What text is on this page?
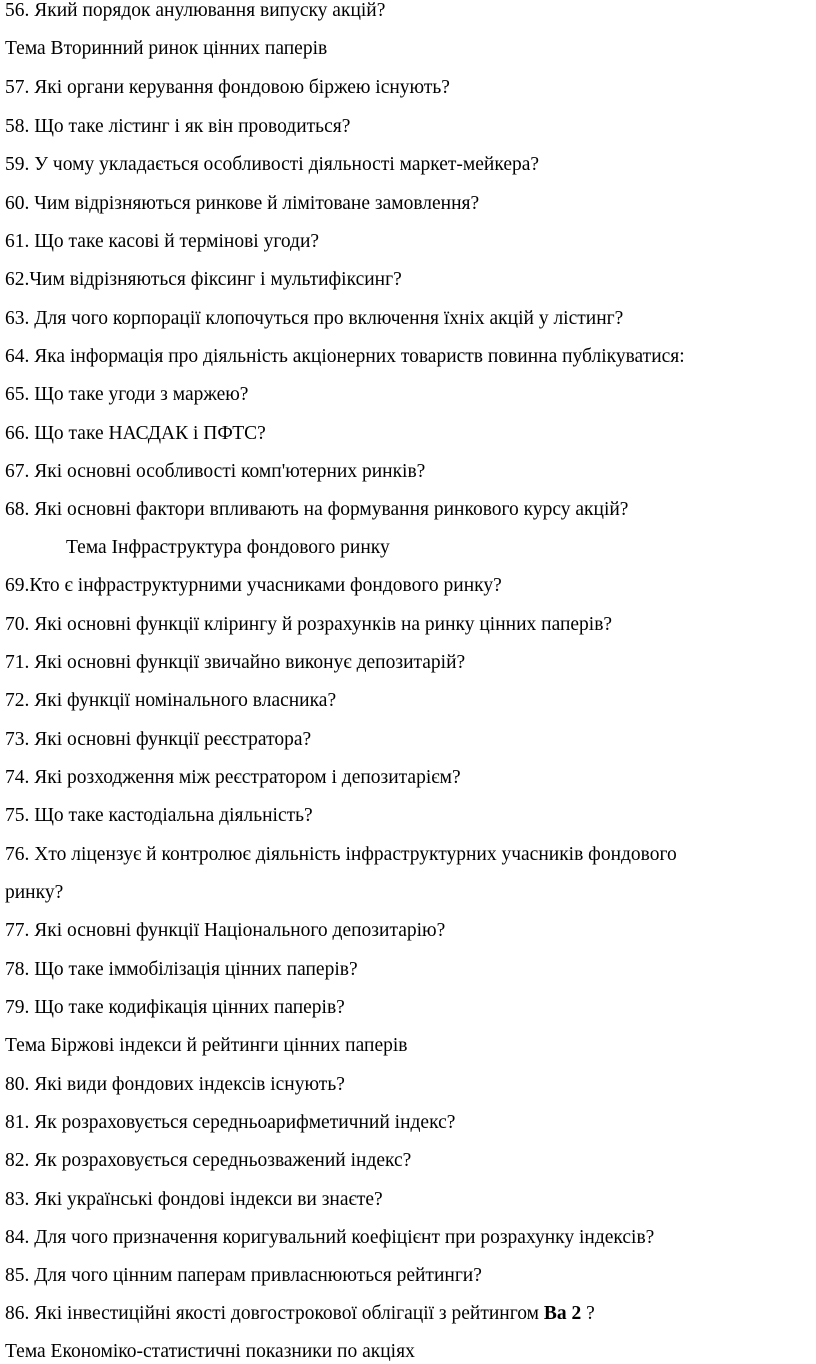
56. Який порядок анулювання випуску акцій?
Тема Вторинний ринок цінних паперів
57. Які органи керування фондовою біржею існують?
58. Що таке лістинг і як він проводиться?
59. У чому укладається особливості діяльності маркет-мейкера?
60. Чим відрізняються ринкове й лімітоване замовлення?
61. Що таке касові й термінові угоди?
62.Чим відрізняються фіксинг і мультифіксинг?
63. Для чого корпорації клопочуться про включення їхніх акцій у лістинг?
64. Яка інформація про діяльність акціонерних товариств повинна публікуватися:
65. Що таке угоди з маржею?
66. Що таке НАСДАК і ПФТС?
67. Які основні особливості комп'ютерних ринків?
68. Які основні фактори впливають на формування ринкового курсу акцій?
Тема Інфраструктура фондового ринку
69.Кто є інфраструктурними учасниками фондового ринку?
70. Які основні функції клірингу й розрахунків на ринку цінних паперів?
71. Які основні функції звичайно виконує депозитарій?
72. Які функції номінального власника?
73. Які основні функції реєстратора?
74. Які розходження між реєстратором і депозитарієм?
75. Що таке кастодіальна діяльність?
76. Хто ліцензує й контролює діяльність інфраструктурних учасників фондового
ринку?
77. Які основні функції Національного депозитарію?
78. Що таке іммобілізація цінних паперів?
79. Що таке кодифікація цінних паперів?
Тема Біржові індекси й рейтинги цінних паперів
80. Які види фондових індексів існують?
81. Як розраховується середньоарифметичний індекс?
82. Як розраховується середньозважений індекс?
83. Які українські фондові індекси ви знаєте?
84. Для чого призначення коригувальний коефіцієнт при розрахунку індексів?
85. Для чого цінним паперам привласнюються рейтинги?
86. Які інвестиційні якості довгострокової облігації з рейтингом Ва 2 ?
Тема Економіко-статистичні показники по акціях
